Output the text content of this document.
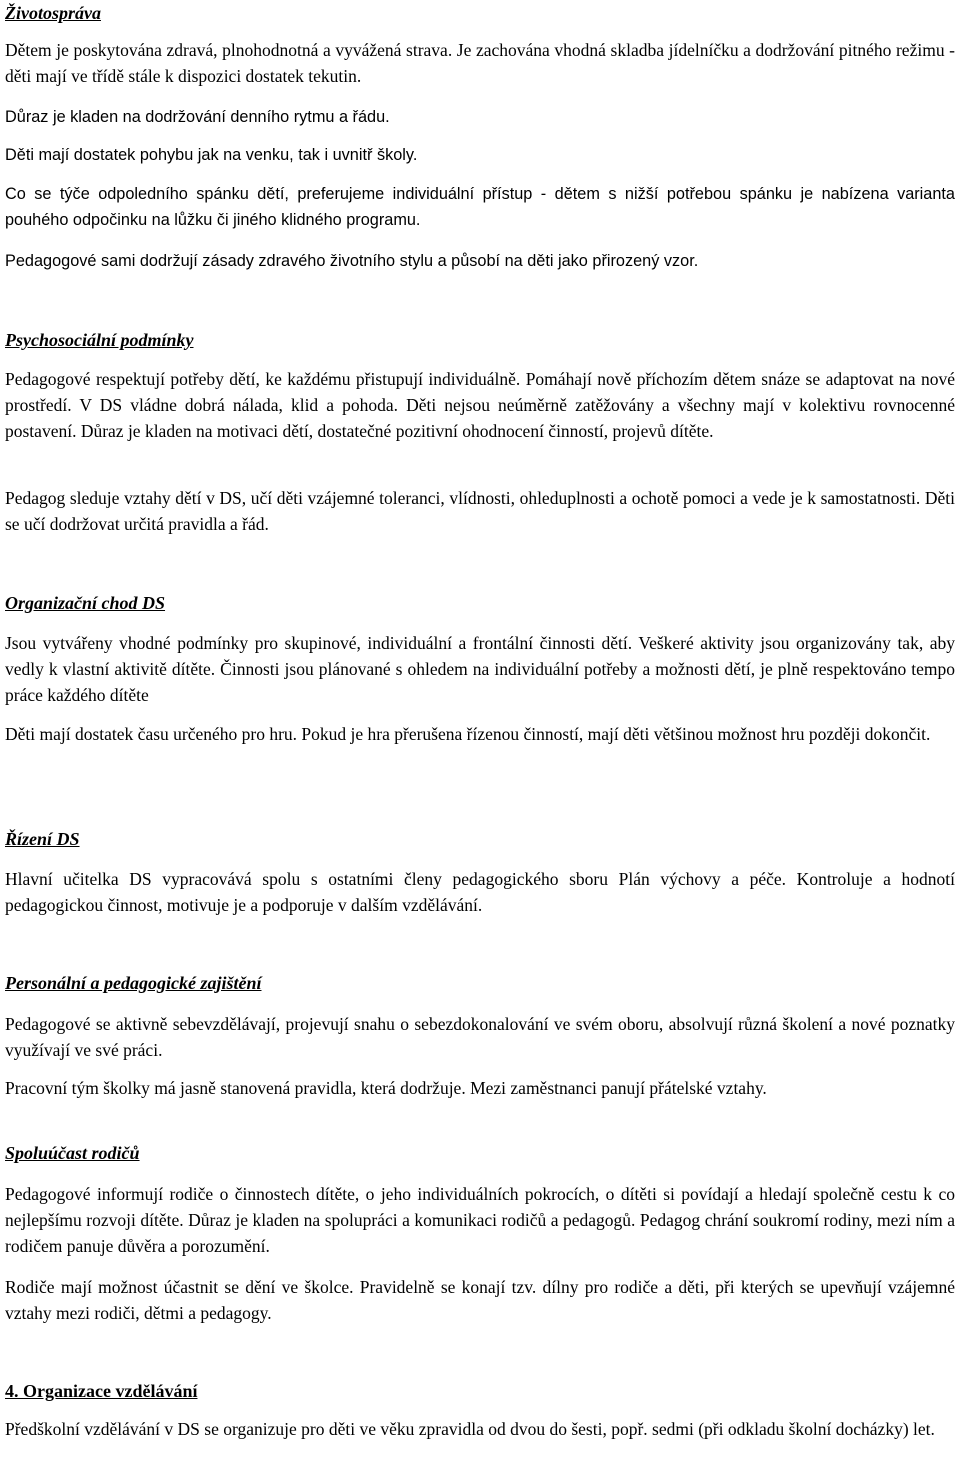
Životospráva

Dětem je poskytována zdravá, plnohodnotná a vyvážená strava. Je zachována vhodná skladba jídelníčku a dodržování pitného režimu - děti mají ve třídě stále k dispozici dostatek tekutin.

Důraz je kladen na dodržování denního rytmu a řádu.

Děti mají dostatek pohybu jak na venku, tak i uvnitř školy.

Co se týče odpoledního spánku dětí, preferujeme individuální přístup - dětem s nižší potřebou spánku je nabízena varianta pouhého odpočinku na lůžku či jiného klidného programu.

Pedagogové sami dodržují zásady zdravého životního stylu a působí na děti jako přirozený vzor.

Psychosociální podmínky

Pedagogové respektují potřeby dětí, ke každému přistupují individuálně. Pomáhají nově příchozím dětem snáze se adaptovat na nové prostředí. V DS vládne dobrá nálada, klid a pohoda. Děti nejsou neúměrně zatěžovány a všechny mají v kolektivu rovnocenné postavení. Důraz je kladen na motivaci dětí, dostatečné pozitivní ohodnocení činností, projevů dítěte.

Pedagog sleduje vztahy dětí v DS, učí děti vzájemné toleranci, vlídnosti, ohleduplnosti a ochotě pomoci a vede je k samostatnosti. Děti se učí dodržovat určitá pravidla a řád.

Organizační chod DS

Jsou vytvářeny vhodné podmínky pro skupinové, individuální a frontální činnosti dětí. Veškeré aktivity jsou organizovány tak, aby vedly k vlastní aktivitě dítěte. Činnosti jsou plánované s ohledem na individuální potřeby a možnosti dětí, je plně respektováno tempo práce každého dítěte

Děti mají dostatek času určeného pro hru. Pokud je hra přerušena řízenou činností, mají děti většinou možnost hru později dokončit.

Řízení DS

Hlavní učitelka DS vypracovává spolu s ostatními členy pedagogického sboru Plán výchovy a péče. Kontroluje a hodnotí pedagogickou činnost, motivuje je a podporuje v dalším vzdělávání.

Personální a pedagogické zajištění

Pedagogové se aktivně sebevzdělávají, projevují snahu o sebezdokonalování ve svém oboru, absolvují různá školení a nové poznatky využívají ve své práci.

Pracovní tým školky má jasně stanovená pravidla, která dodržuje. Mezi zaměstnanci panují přátelské vztahy.

Spoluúčast rodičů

Pedagogové informují rodiče o činnostech dítěte, o jeho individuálních pokrocích, o dítěti si povídají a hledají společně cestu k co nejlepšímu rozvoji dítěte. Důraz je kladen na spolupráci a komunikaci rodičů a pedagogů. Pedagog chrání soukromí rodiny, mezi ním a rodičem panuje důvěra a porozumění.

Rodiče mají možnost účastnit se dění ve školce. Pravidelně se konají tzv. dílny pro rodiče a děti, při kterých se upevňují vzájemné vztahy mezi rodiči, dětmi a pedagogy.

4. Organizace vzdělávání

Předškolní vzdělávání v DS se organizuje pro děti ve věku zpravidla od dvou do šesti, popř. sedmi (při odkladu školní docházky) let.
